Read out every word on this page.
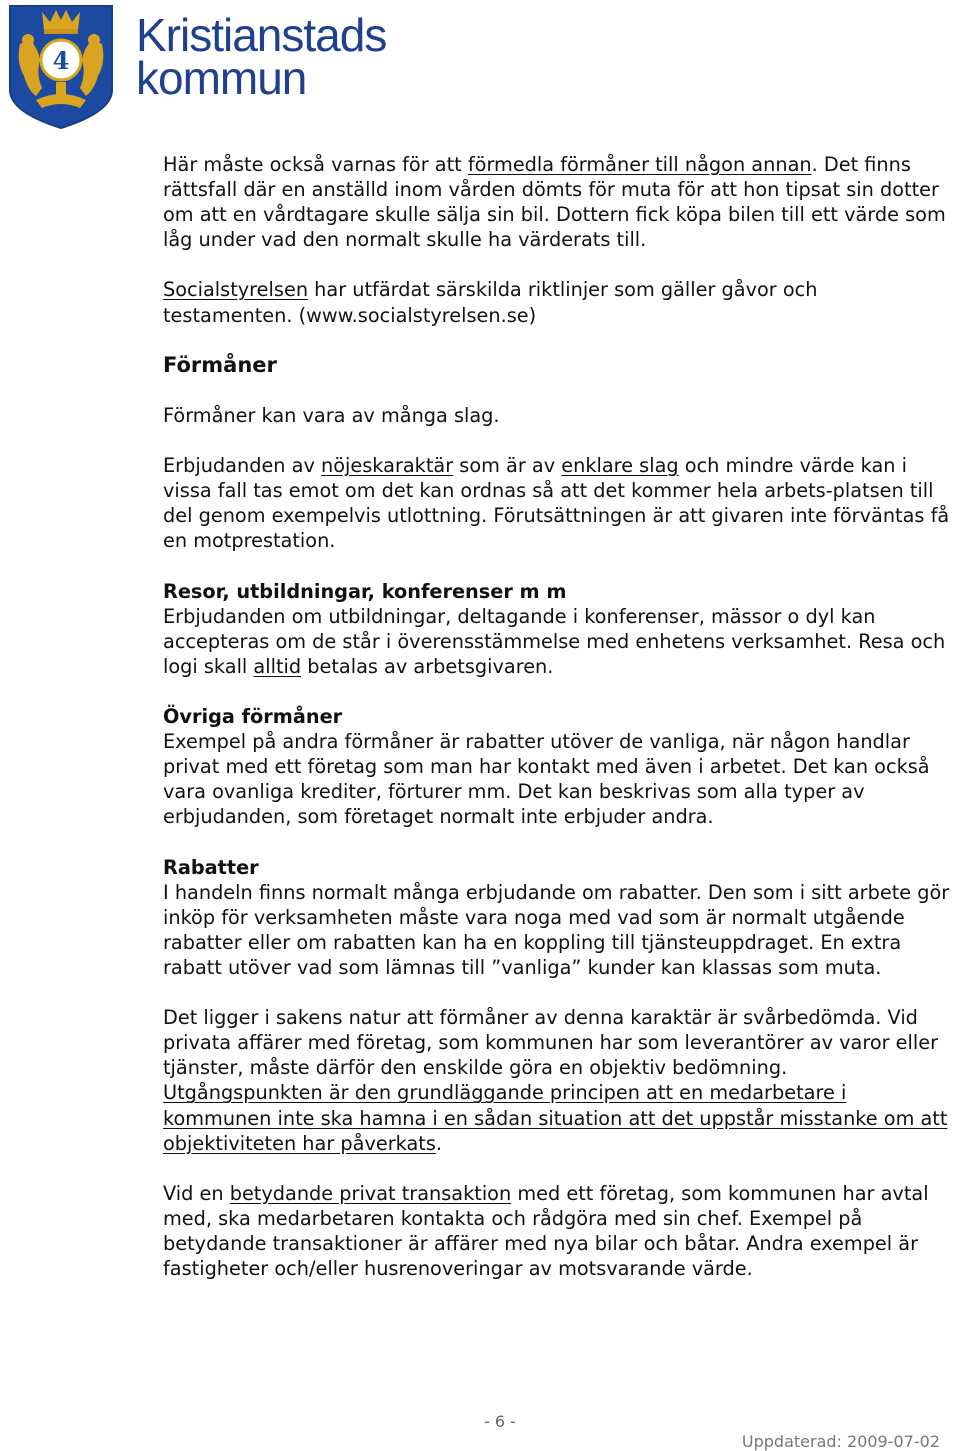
4 Kristianstads
kommun

Här måste också varnas för att förmedla förmåner till någon annan. Det finns rättsfall där en anställd inom vården dömts för muta för att hon tipsat sin dotter om att en vårdtagare skulle sälja sin bil. Dottern fick köpa bilen till ett värde som låg under vad den normalt skulle ha värderats till.

Socialstyrelsen har utfärdat särskilda riktlinjer som gäller gåvor och testamenten. (www.socialstyrelsen.se)

Förmåner

Förmåner kan vara av många slag.

Erbjudanden av nöjeskaraktär som är av enklare slag och mindre värde kan i vissa fall tas emot om det kan ordnas så att det kommer hela arbets-platsen till del genom exempelvis utlottning. Förutsättningen är att givaren inte förväntas få en motprestation.

Resor, utbildningar, konferenser m m
Erbjudanden om utbildningar, deltagande i konferenser, mässor o dyl kan accepteras om de står i överensstämmelse med enhetens verksamhet. Resa och logi skall alltid betalas av arbetsgivaren.

Övriga förmåner
Exempel på andra förmåner är rabatter utöver de vanliga, när någon handlar privat med ett företag som man har kontakt med även i arbetet. Det kan också vara ovanliga krediter, förturer mm. Det kan beskrivas som alla typer av erbjudanden, som företaget normalt inte erbjuder andra.

Rabatter
I handeln finns normalt många erbjudande om rabatter. Den som i sitt arbete gör inköp för verksamheten måste vara noga med vad som är normalt utgående rabatter eller om rabatten kan ha en koppling till tjänsteuppdraget. En extra rabatt utöver vad som lämnas till ”vanliga” kunder kan klassas som muta.

Det ligger i sakens natur att förmåner av denna karaktär är svårbedömda. Vid privata affärer med företag, som kommunen har som leverantörer av varor eller tjänster, måste därför den enskilde göra en objektiv bedömning. Utgångspunkten är den grundläggande principen att en medarbetare i kommunen inte ska hamna i en sådan situation att det uppstår misstanke om att objektiviteten har påverkats.

Vid en betydande privat transaktion med ett företag, som kommunen har avtal med, ska medarbetaren kontakta och rådgöra med sin chef. Exempel på betydande transaktioner är affärer med nya bilar och båtar. Andra exempel är fastigheter och/eller husrenoveringar av motsvarande värde.

- 6 -
Uppdaterad: 2009-07-02
